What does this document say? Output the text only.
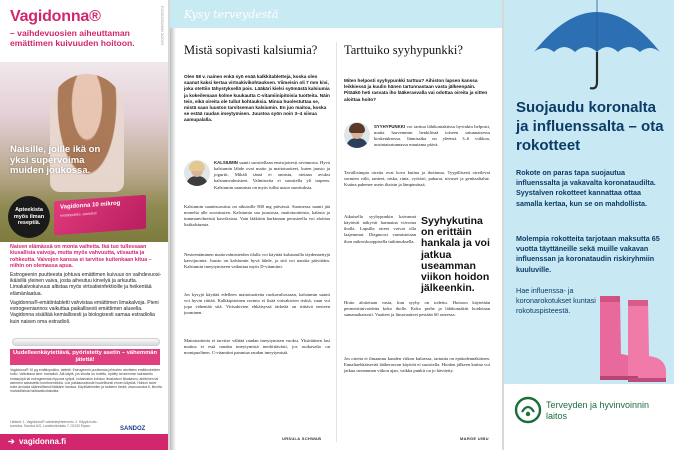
Vagidonna®
– vaihdevuosien aiheuttaman emättimen kuivuuden hoitoon.	FI2302052480 2/2023
Naisille, joille ikä on yksi supervoima muiden joukossa.
Apteekista myös ilman reseptiä.
Vagidonna 10 mikrog
emätinpuikko, estradioli
Naisen elämässä on monia vaiheita. Ikä tuo tullessaan kiusallisia vaivoja, mutta myös vahvuutta, viisautta ja rohkeutta. Vaivojen kanssa ei tarvitse kuitenkaan kitua – niihin on olemassa apua.
Estrogeenin puutteesta johtuva emättimen kuivuus on vaihdevuosi-ikäisillä yleinen vaiva, josta aiheutuu kirvelyä ja arkuutta. Limakalvokuivuus altistaa myös virtsatieinfektioille ja heikentää elämänlaatua.
Vagidonna®-emätintabletti vahvistaa emättimen limakalvoja. Pieni estrogeeniannos vaikuttaa paikallisesti emättimen alueella. Vagidonna sisältää kemiallisesti ja biologisesti samaa estradiolia kuin naisen oma estradioli.
Uudelleenkäytettävä, pyöristetty asetin – vähemmän jätettä!
Vagidonna® 10 µg emätinpuikko, tabletti. Estrogeenin puutteesta johtuvien atrofisten emätinoireiden hoito. Vaikuttava aine: estradioli. Älä käytä, jos sinulla on todettu, epäilty tai aiemmin sairastettu rintasyöpä tai estrogeenista riippuva syöpä, hoitamaton kohdun limakalvon liikakasvu, aktiivinen tai aiemmin sairastettu tromboembolia. Lue pakkausseloste huolellisesti ennen käyttöä. Hoidon tarve tulee arvioida säännöllisesti lääkärin kanssa. Käyttöaiheiden ja tuotteen tiedot: www.sandoz.fi. Ilmoita mahdollisista haittavaikutuksista.
Lähteet: 1. Vagidonna® valmisteyhteenveto. 2. Käypä hoito -suositus. Sandoz A/S, Lundbeckinkatu 7, 02130 Espoo.	SANDOZ
➔ vagidonna.fi
Kysy terveydestä
Mistä sopivasti kalsiumia?
Olen 58 v. nainen enkä syö enää kalkkitabletteja, koska olen saanut kaksi kertaa virtsakivikohtauksen. Viimeisin oli 7 mm kivi, joka otettiin tähystyksellä pois. Lääkäri kielsi syömästä kalsiumia ja kokeilemaan kolme kuukautta C-vitamiinipitoisia tuotteita. Näin tein, eikä oireita ole tullut kohtauksia. Minua huolestuttaa se, mistä saan luuston tarvitseman kalsiumin. En juo maitoa, koska se estää raudan imeytymisen. Juustoa syön noin 3–4 siivua aamupalalla.
KALSIUMIN saanti suositellaan ensisijaisesti ravinnosta. Hyvä kalsiumin lähde ovat maito ja maitotuotteet, kuten juusto ja jogurtti. Mikäli tämä ei onnistu, otetaan avuksi kalsiumvalmisteet. Valmisteita ei suositella yli tarpeen. Kalsiumin saannista on myös tullut uusia suosituksia.
Kalsiumin saantisuositus on aikuisille 800 mg päivässä. Suomessa saanti jää monelta alle suositusten. Kalsiumia saa juustosta, maitotuotteista, kalasta ja tummanvihreistä kasviksista. Vain lääkärin harkinnan perusteella voi aloittaa lisäkalsiumia.
Nesteentäminen maitovalmisteiden tilalla voi käyttää kalsiumilla täydennettyjä kasvijuomia. Juusto on kalsiumin hyvä lähde, ja sitä voi nauttia päivittäin. Kalsiumin imeytymiseen vaikuttaa myös D-vitamiini.
Jos kysyjä käyttää edelleen maitotuotteita ruokavaliossaan, kalsiumin saanti voi hyvin riittää. Kalkkipitoinen ravinto ei lisää virtsakivien riskiä, vaan voi jopa vähentää sitä. Virtsakivien ehkäisyssä tärkeää on riittävä nesteen juominen.
Maitotuotteita ei tarvitse välttää raudan imeytymisen vuoksi. Yksittäinen lasi maitoa ei estä raudan imeytymistä merkittävästi, jos ruokavalio on monipuolinen. C-vitamiini parantaa raudan imeytymistä.
URSULA SCHWAB
Tarttuiko syyhypunkki?
Miten helposti syyhypunkki tarttuu? Aihiston lapsen kanssa leikkiessä ja kuulin hänen tartunnastaan vasta jälkeenpäin. Pitääkö heti rasvata iho lääkerasvalla vai odottaa oireita ja sitten aloittaa hoito?
SYYHYPUNKKI voi tarttua lähikontaktissa hyvinkin helposti, mutta harvemmin henkilöstä toiseen satunnaisessa kosketuksessa. Itämisaika on yleensä 3–6 viikkoa, uusintatartunnassa muutama päivä.
Tavallisimpia oireita ovat kova kutina ja ihottuma. Tyypillisesti oireilevat sormien välit, ranteet, niska, rinta, vyötärö, pakarat, nivuset ja genitaalialue. Kutina pahenee usein iltaisin ja lämpimässä.
Aikuisella syyhypunkin kaivamat käytävät näkyvät harmaina viivoina iholla. Lapsilla oireet voivat olla laajemmat. Diagnoosi varmistetaan ihon mikroskooppisella tutkimuksella.
Syyhykutina on erittäin hankala ja voi jatkua useamman viikon hoidon jälkeenkin.
Hoito aloitetaan vasta, kun syyhy on todettu. Hoitoon käytetään permetriinivoidetta koko iholle. Koko perhe ja lähikontaktit hoidetaan samanaikaisesti. Vaatteet ja liinavaatteet pestään 60 asteessa.
Jos oireita ei ilmaannu kuuden viikon kuluessa, tartunta on epätodennäköinen. Ennaltaehkäisevää lääkerasvan käyttöä ei suositella. Hoidon jälkeen kutina voi jatkua useamman viikon ajan, vaikka punkit on jo hävitetty.
MARGE UIBU
Suojaudu koronalta ja influenssalta – ota rokotteet
Rokote on paras tapa suojautua influenssalta ja vakavalta koronataudilta. Syystalven rokotteet kannattaa ottaa samalla kertaa, kun se on mahdollista.
Molempia rokotteita tarjotaan maksutta 65 vuotta täyttäneille sekä muille vakavan influenssan ja koronataudin riskiryhmiin kuuluville.
Hae influenssa- ja koronarokotukset kuntasi rokotuspisteestä.
Terveyden ja hyvinvoinnin laitos
